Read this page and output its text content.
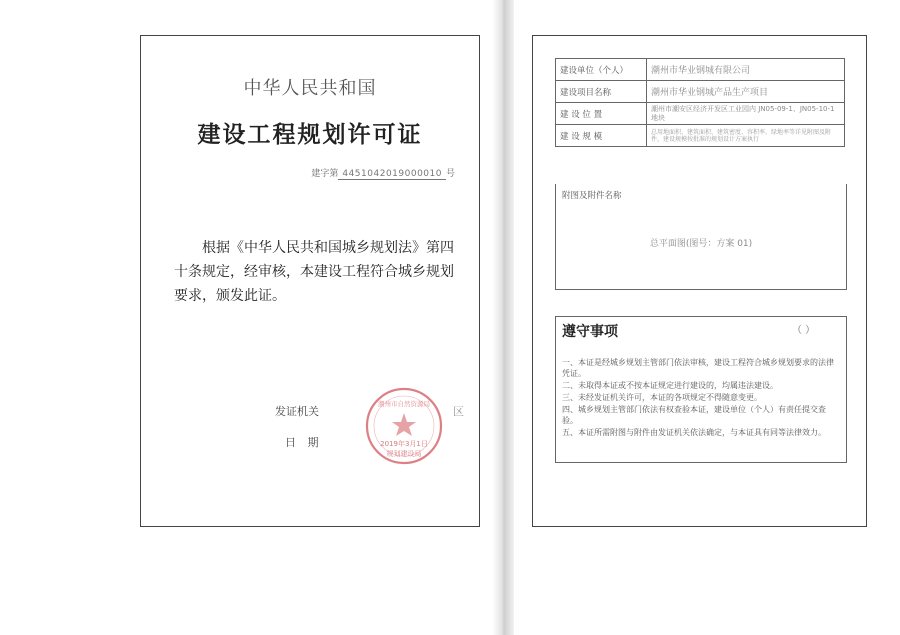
中华人民共和国
建设工程规划许可证
建字第 4451042019000010 号
根据《中华人民共和国城乡规划法》第四十条规定，经审核，本建设工程符合城乡规划要求，颁发此证。
发证机关	区
日 期	2019年3月1日
规划建设局
潮州市自然资源局
建设单位（个人）	潮州市华业钢城有限公司
建设项目名称	潮州市华业钢城产品生产项目
建 设 位 置	潮州市潮安区经济开发区工业园内 JN05-09-1、JN05-10-1地块
建 设 规 模	总用地面积、建筑面积、建筑密度、容积率、绿地率等详见附图及附件，建设规模按批准的规划设计方案执行
附图及附件名称
总平面图(图号：方案 01)
遵守事项	（ ）
一、本证是经城乡规划主管部门依法审核，建设工程符合城乡规划要求的法律凭证。
二、未取得本证或不按本证规定进行建设的，均属违法建设。
三、未经发证机关许可，本证的各项规定不得随意变更。
四、城乡规划主管部门依法有权查验本证，建设单位（个人）有责任提交查验。
五、本证所需附图与附件由发证机关依法确定，与本证具有同等法律效力。
